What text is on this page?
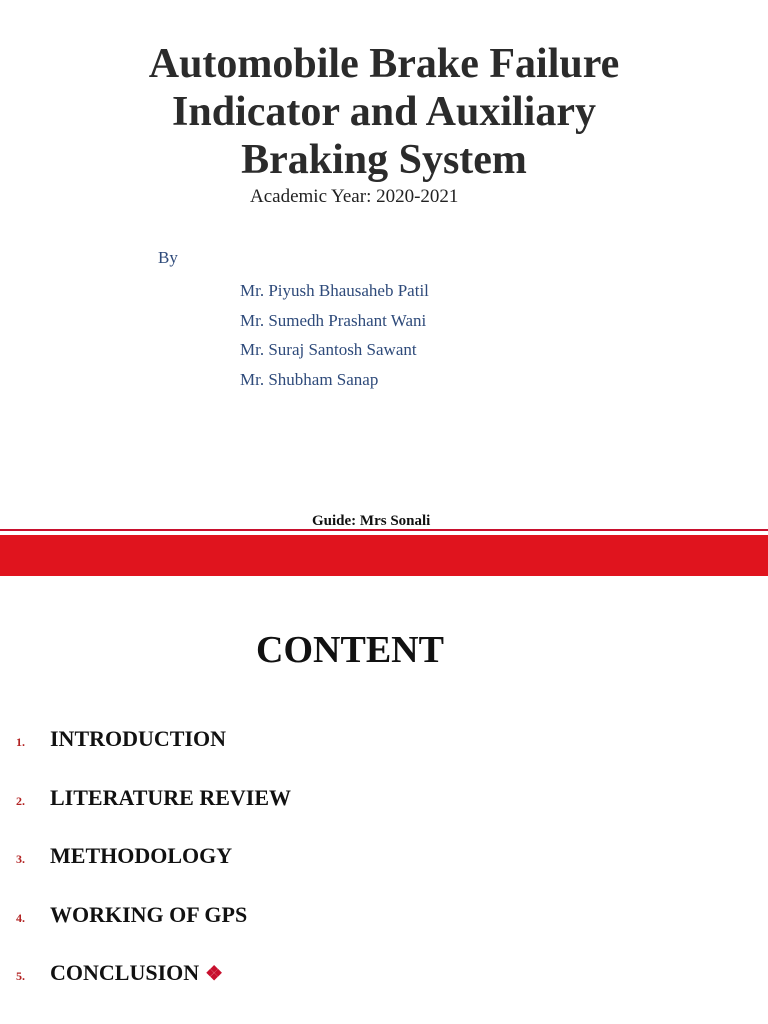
Automobile Brake Failure
Indicator and Auxiliary
Braking System
Academic Year: 2020-2021
By
Mr. Piyush Bhausaheb Patil
Mr. Sumedh Prashant Wani
Mr. Suraj Santosh Sawant
Mr. Shubham Sanap
Guide: Mrs Sonali
CONTENT
1. INTRODUCTION
2. LITERATURE REVIEW
3. METHODOLOGY
4. WORKING OF GPS
5. CONCLUSION ❖
